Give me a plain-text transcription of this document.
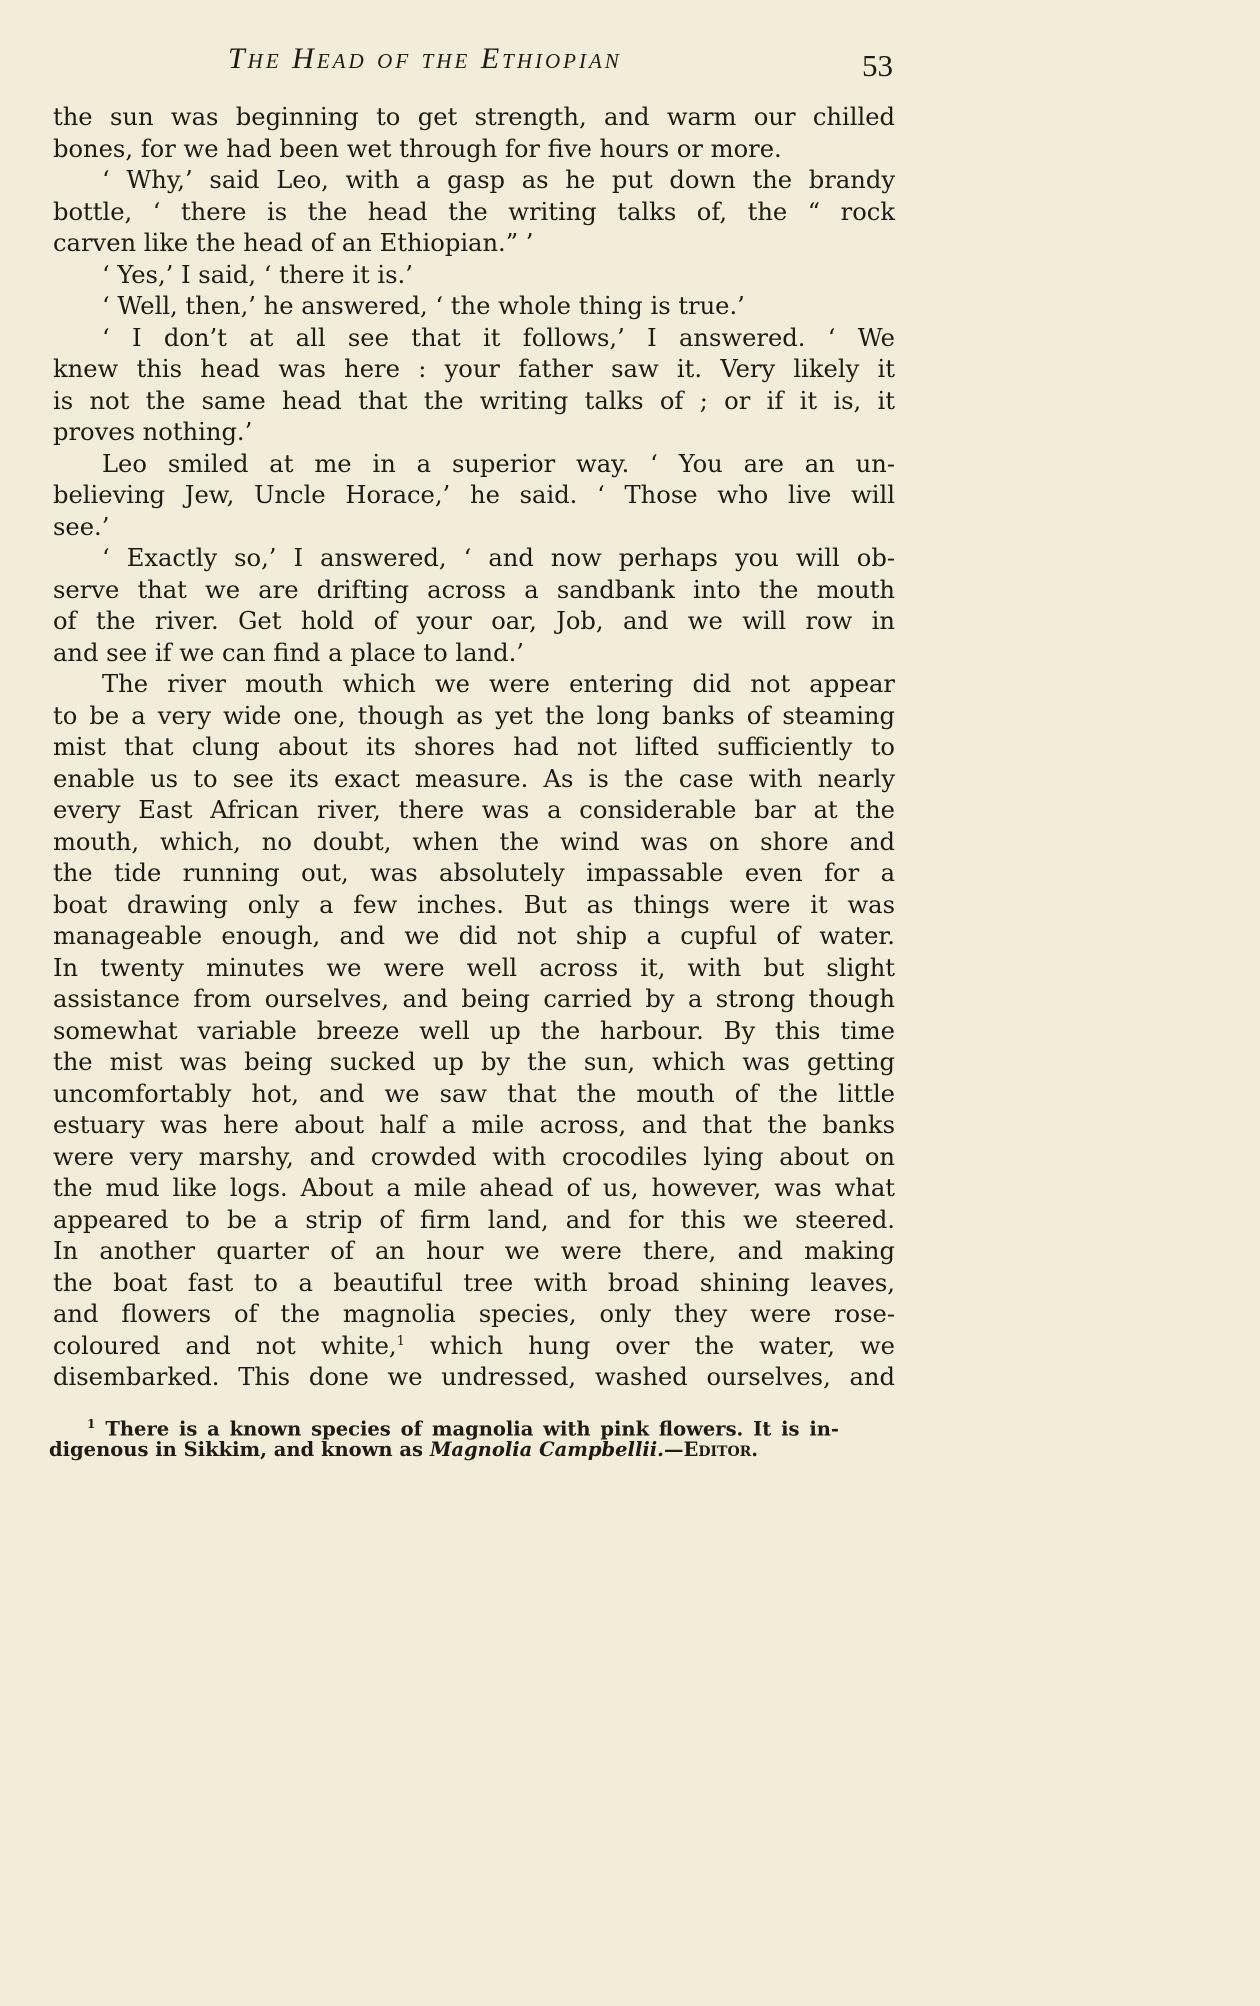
The Head of the Ethiopian	53
the sun was beginning to get strength, and warm our chilled
bones, for we had been wet through for five hours or more.
‘ Why,’ said Leo, with a gasp as he put down the brandy
bottle, ‘ there is the head the writing talks of, the “ rock
carven like the head of an Ethiopian.” ’
‘ Yes,’ I said, ‘ there it is.’
‘ Well, then,’ he answered, ‘ the whole thing is true.’
‘ I don’t at all see that it follows,’ I answered. ‘ We
knew this head was here : your father saw it. Very likely it
is not the same head that the writing talks of ; or if it is, it
proves nothing.’
Leo smiled at me in a superior way. ‘ You are an un-
believing Jew, Uncle Horace,’ he said. ‘ Those who live will
see.’
‘ Exactly so,’ I answered, ‘ and now perhaps you will ob-
serve that we are drifting across a sandbank into the mouth
of the river. Get hold of your oar, Job, and we will row in
and see if we can find a place to land.’
The river mouth which we were entering did not appear
to be a very wide one, though as yet the long banks of steaming
mist that clung about its shores had not lifted sufficiently to
enable us to see its exact measure. As is the case with nearly
every East African river, there was a considerable bar at the
mouth, which, no doubt, when the wind was on shore and
the tide running out, was absolutely impassable even for a
boat drawing only a few inches. But as things were it was
manageable enough, and we did not ship a cupful of water.
In twenty minutes we were well across it, with but slight
assistance from ourselves, and being carried by a strong though
somewhat variable breeze well up the harbour. By this time
the mist was being sucked up by the sun, which was getting
uncomfortably hot, and we saw that the mouth of the little
estuary was here about half a mile across, and that the banks
were very marshy, and crowded with crocodiles lying about on
the mud like logs. About a mile ahead of us, however, was what
appeared to be a strip of firm land, and for this we steered.
In another quarter of an hour we were there, and making
the boat fast to a beautiful tree with broad shining leaves,
and flowers of the magnolia species, only they were rose-
coloured and not white,$^1$ which hung over the water, we
disembarked. This done we undressed, washed ourselves, and
$^1$ There is a known species of magnolia with pink flowers. It is in-
digenous in Sikkim, and known as Magnolia Campbellii.—Editor.
